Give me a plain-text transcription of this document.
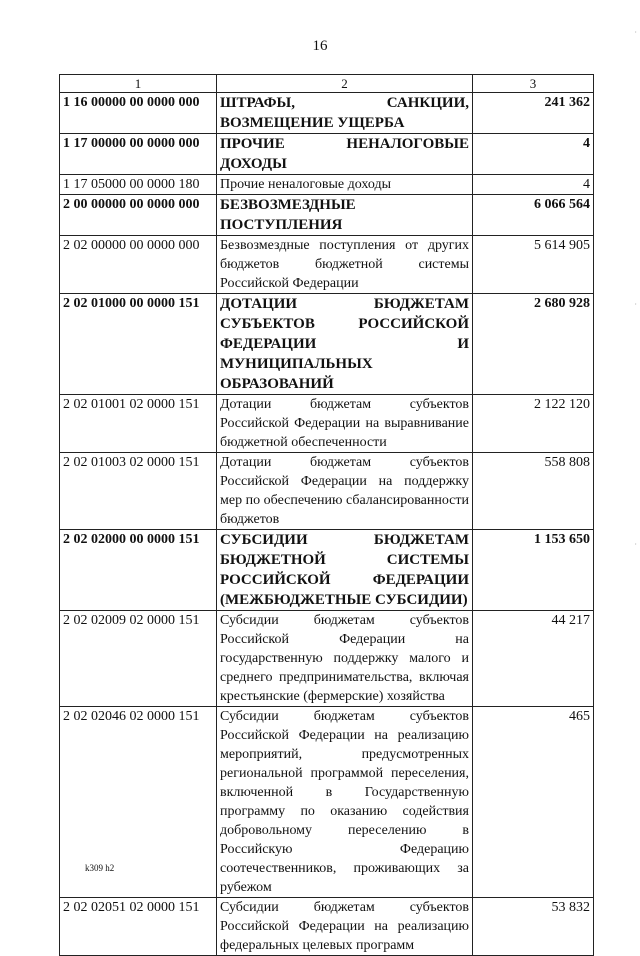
16
1	2	3
1 16 00000 00 0000 000	ШТРАФЫ, САНКЦИИ, ВОЗМЕЩЕНИЕ УЩЕРБА	241 362
1 17 00000 00 0000 000	ПРОЧИЕ НЕНАЛОГОВЫЕ ДОХОДЫ	4
1 17 05000 00 0000 180	Прочие неналоговые доходы	4
2 00 00000 00 0000 000	БЕЗВОЗМЕЗДНЫЕ ПОСТУПЛЕНИЯ	6 066 564
2 02 00000 00 0000 000	Безвозмездные поступления от других бюджетов бюджетной системы Российской Федерации	5 614 905
2 02 01000 00 0000 151	ДОТАЦИИ БЮДЖЕТАМ СУБЪЕКТОВ РОССИЙСКОЙ ФЕДЕРАЦИИ И МУНИЦИПАЛЬНЫХ ОБРАЗОВАНИЙ	2 680 928
2 02 01001 02 0000 151	Дотации бюджетам субъектов Российской Федерации на выравнивание бюджетной обеспеченности	2 122 120
2 02 01003 02 0000 151	Дотации бюджетам субъектов Российской Федерации на поддержку мер по обеспечению сбалансированности бюджетов	558 808
2 02 02000 00 0000 151	СУБСИДИИ БЮДЖЕТАМ БЮДЖЕТНОЙ СИСТЕМЫ РОССИЙСКОЙ ФЕДЕРАЦИИ (МЕЖБЮДЖЕТНЫЕ СУБСИДИИ)	1 153 650
2 02 02009 02 0000 151	Субсидии бюджетам субъектов Российской Федерации на государственную поддержку малого и среднего предпринимательства, включая крестьянские (фермерские) хозяйства	44 217
2 02 02046 02 0000 151	Субсидии бюджетам субъектов Российской Федерации на реализацию мероприятий, предусмотренных региональной программой переселения, включенной в Государственную программу по оказанию содействия добровольному переселению в Российскую Федерацию соотечественников, проживающих за рубежом	465
2 02 02051 02 0000 151	Субсидии бюджетам субъектов Российской Федерации на реализацию федеральных целевых программ	53 832
k309 h2
·
·
·
